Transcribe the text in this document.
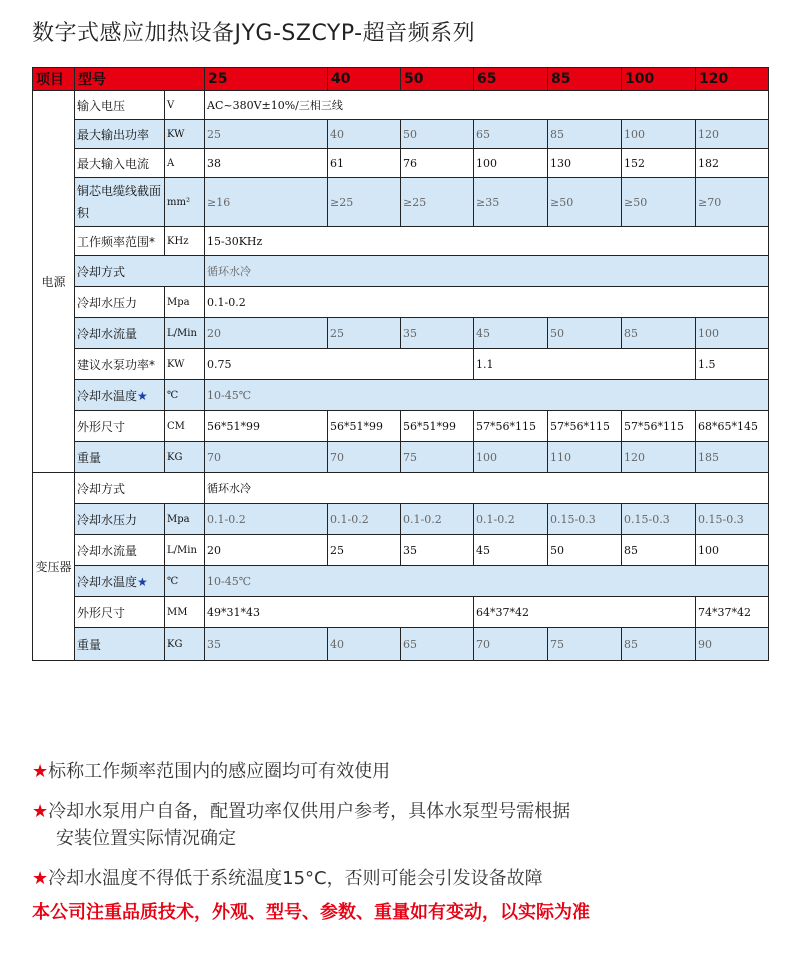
数字式感应加热设备JYG-SZCYP-超音频系列
项目	型号		25	40	50	65	85	100	120
电源	输入电压	V	AC~380V±10%/三相三线						
	最大输出功率	KW	25	40	50	65	85	100	120
	最大输入电流	A	38	61	76	100	130	152	182
	铜芯电缆线截面积	mm²	≥16	≥25	≥25	≥35	≥50	≥50	≥70
	工作频率范围*	KHz	15-30KHz						
	冷却方式		循环水冷						
	冷却水压力	Mpa	0.1-0.2						
	冷却水流量	L/Min	20	25	35	45	50	85	100
	建议水泵功率*	KW	0.75			1.1			1.5
	冷却水温度★	℃	10-45℃						
	外形尺寸	CM	56*51*99	56*51*99	56*51*99	57*56*115	57*56*115	57*56*115	68*65*145
	重量	KG	70	70	75	100	110	120	185
变压器	冷却方式		循环水冷						
	冷却水压力	Mpa	0.1-0.2	0.1-0.2	0.1-0.2	0.1-0.2	0.15-0.3	0.15-0.3	0.15-0.3
	冷却水流量	L/Min	20	25	35	45	50	85	100
	冷却水温度★	℃	10-45℃						
	外形尺寸	MM	49*31*43			64*37*42			74*37*42
	重量	KG	35	40	65	70	75	85	90
★标称工作频率范围内的感应圈均可有效使用
★冷却水泵用户自备，配置功率仅供用户参考，具体水泵型号需根据
安装位置实际情况确定
★冷却水温度不得低于系统温度15°C，否则可能会引发设备故障
本公司注重品质技术，外观、型号、参数、重量如有变动，以实际为准
